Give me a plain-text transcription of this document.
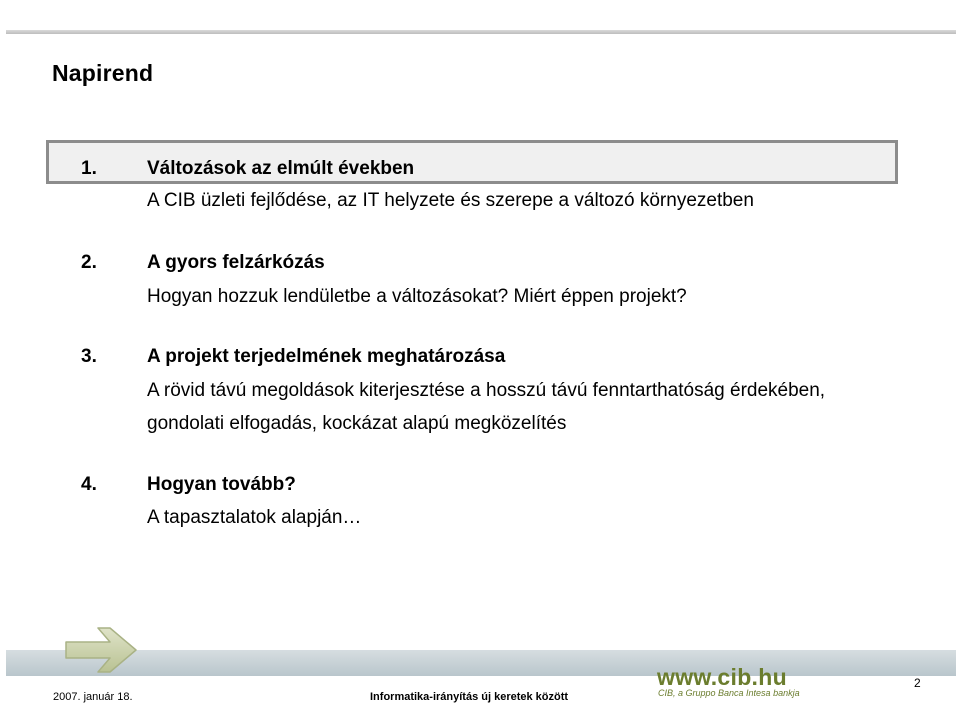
Napirend
1.	Változások az elmúlt években
A CIB üzleti fejlődése, az IT helyzete és szerepe a változó környezetben
2.	A gyors felzárkózás
Hogyan hozzuk lendületbe a változásokat? Miért éppen projekt?
3.	A projekt terjedelmének meghatározása
A rövid távú megoldások kiterjesztése a hosszú távú fenntarthatóság érdekében,
gondolati elfogadás, kockázat alapú megközelítés
4.	Hogyan tovább?
A tapasztalatok alapján…
www.cib.hu
CIB, a Gruppo Banca Intesa bankja
2007. január 18.	Informatika-irányítás új keretek között
2
